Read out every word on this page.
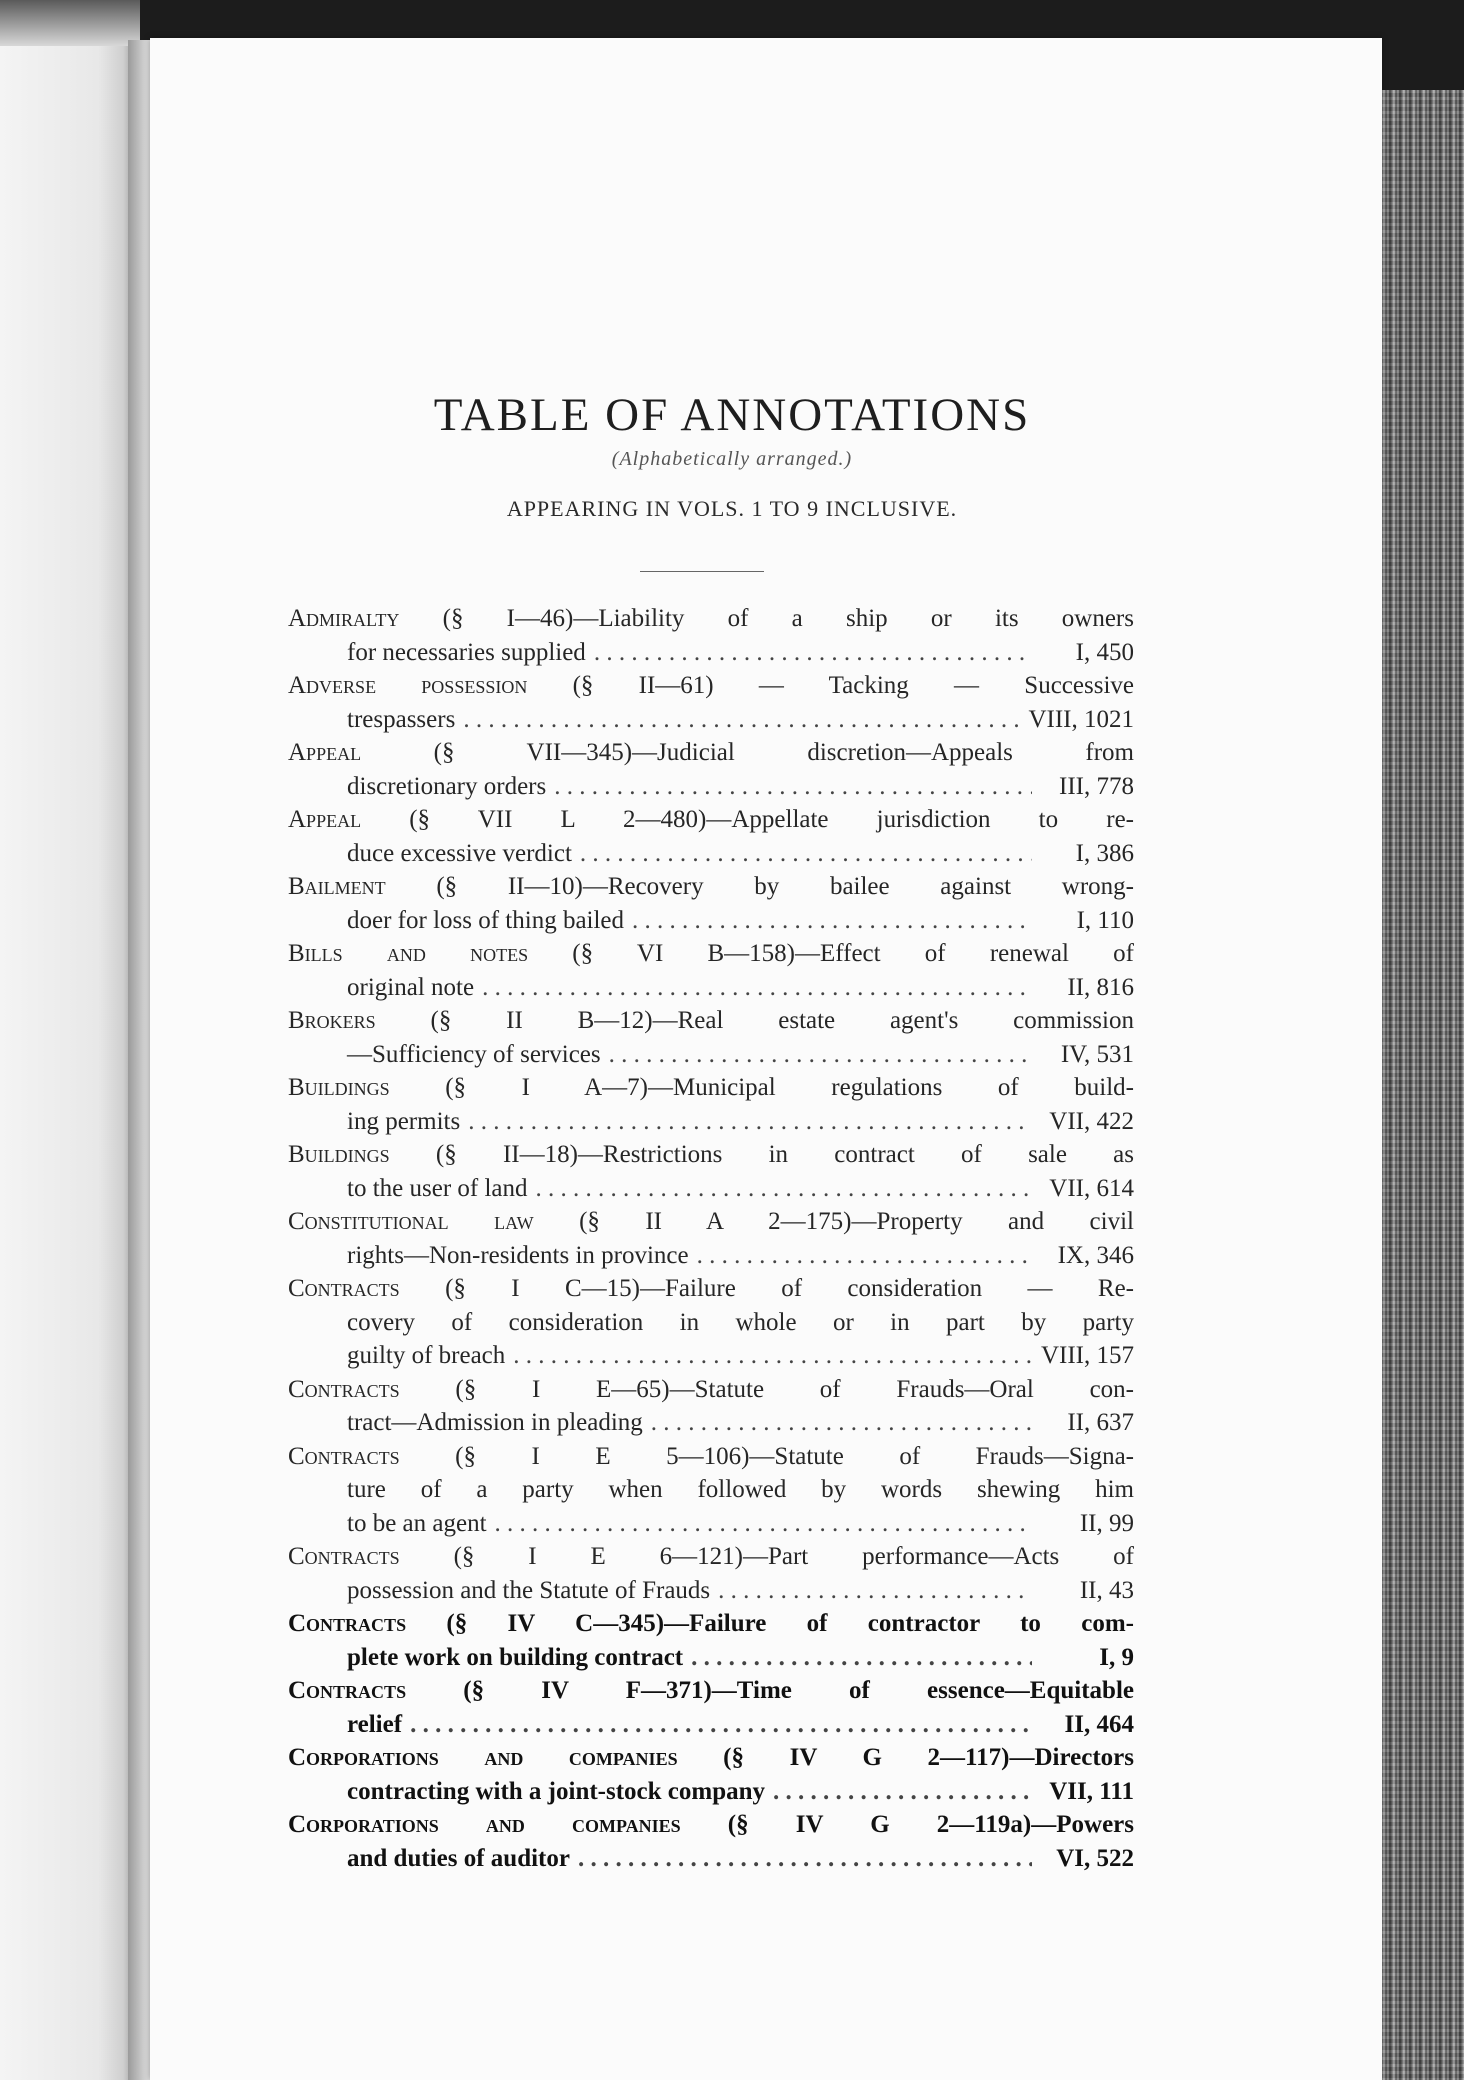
TABLE OF ANNOTATIONS
(Alphabetically arranged.)
APPEARING IN VOLS. 1 TO 9 INCLUSIVE.
Admiralty (§ I—46)—Liability of a ship or its owners
for necessaries supplied . . .	I, 450
Adverse possession (§ II—61) — Tacking — Successive
trespassers . . .	VIII, 1021
Appeal (§ VII—345)—Judicial discretion—Appeals from
discretionary orders . . .	III, 778
Appeal (§ VII L 2—480)—Appellate jurisdiction to re-
duce excessive verdict . . .	I, 386
Bailment (§ II—10)—Recovery by bailee against wrong-
doer for loss of thing bailed . . .	I, 110
Bills and notes (§ VI B—158)—Effect of renewal of
original note . . .	II, 816
Brokers (§ II B—12)—Real estate agent's commission
—Sufficiency of services . . .	IV, 531
Buildings (§ I A—7)—Municipal regulations of build-
ing permits . . .	VII, 422
Buildings (§ II—18)—Restrictions in contract of sale as
to the user of land . . .	VII, 614
Constitutional law (§ II A 2—175)—Property and civil
rights—Non-residents in province . . .	IX, 346
Contracts (§ I C—15)—Failure of consideration — Re-
covery of consideration in whole or in part by party
guilty of breach . . .	VIII, 157
Contracts (§ I E—65)—Statute of Frauds—Oral con-
tract—Admission in pleading . . .	II, 637
Contracts (§ I E 5—106)—Statute of Frauds—Signa-
ture of a party when followed by words shewing him
to be an agent . . .	II, 99
Contracts (§ I E 6—121)—Part performance—Acts of
possession and the Statute of Frauds . . .	II, 43
Contracts (§ IV C—345)—Failure of contractor to com-
plete work on building contract . . .	I, 9
Contracts (§ IV F—371)—Time of essence—Equitable
relief . . .	II, 464
Corporations and companies (§ IV G 2—117)—Directors
contracting with a joint-stock company . . .	VII, 111
Corporations and companies (§ IV G 2—119a)—Powers
and duties of auditor . . .	VI, 522
